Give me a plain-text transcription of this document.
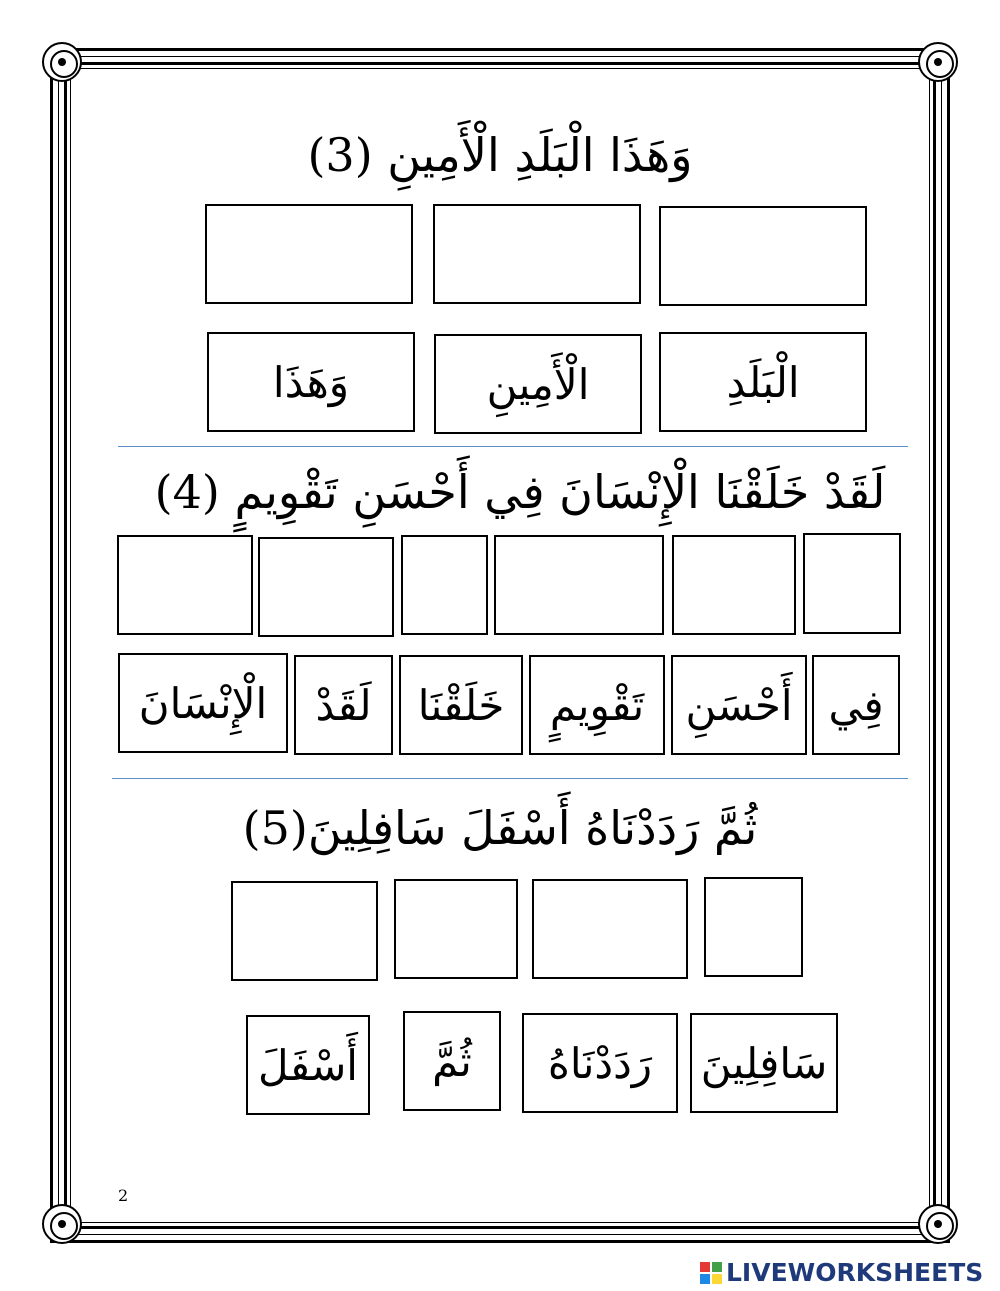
وَهَذَا الْبَلَدِ الْأَمِينِ (3)
الْبَلَدِ
الْأَمِينِ
وَهَذَا
لَقَدْ خَلَقْنَا الْإِنْسَانَ فِي أَحْسَنِ تَقْوِيمٍ (4)
فِي
أَحْسَنِ
تَقْوِيمٍ
خَلَقْنَا
لَقَدْ
الْإِنْسَانَ
ثُمَّ رَدَدْنَاهُ أَسْفَلَ سَافِلِينَ(5)
سَافِلِينَ
رَدَدْنَاهُ
ثُمَّ
أَسْفَلَ
2
LIVEWORKSHEETS
